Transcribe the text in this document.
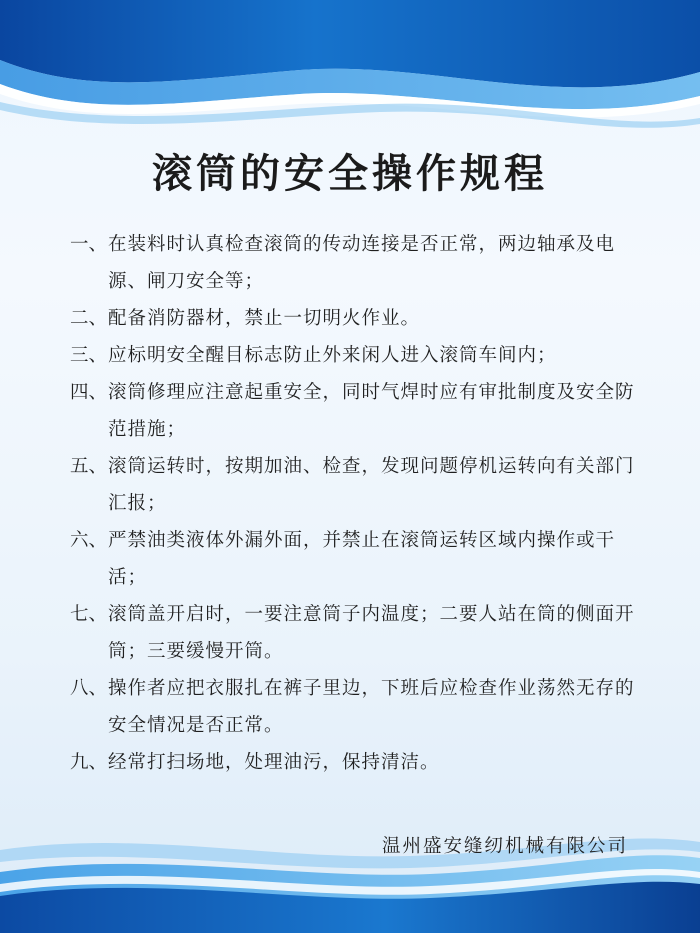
滚筒的安全操作规程
一、 在装料时认真检查滚筒的传动连接是否正常，两边轴承及电源、闸刀安全等；
二、 配备消防器材，禁止一切明火作业。
三、 应标明安全醒目标志防止外来闲人进入滚筒车间内；
四、 滚筒修理应注意起重安全，同时气焊时应有审批制度及安全防范措施；
五、 滚筒运转时，按期加油、检查，发现问题停机运转向有关部门汇报；
六、 严禁油类液体外漏外面，并禁止在滚筒运转区域内操作或干活；
七、 滚筒盖开启时，一要注意筒子内温度；二要人站在筒的侧面开筒；三要缓慢开筒。
八、 操作者应把衣服扎在裤子里边，下班后应检查作业荡然无存的安全情况是否正常。
九、 经常打扫场地，处理油污，保持清洁。
温州盛安缝纫机械有限公司
